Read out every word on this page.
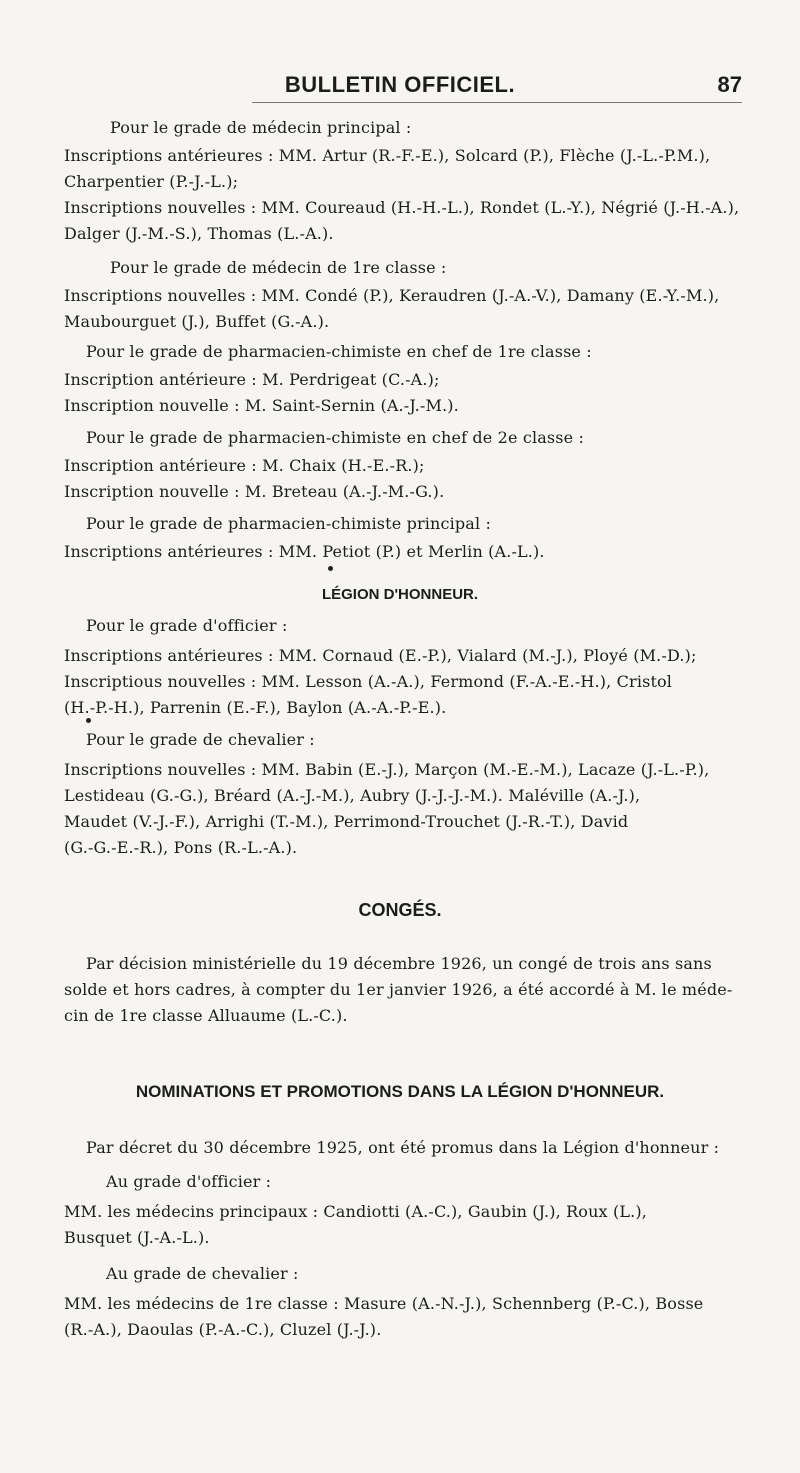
BULLETIN OFFICIEL.	87
Pour le grade de médecin principal :
Inscriptions antérieures : MM. Artur (R.-F.-E.), Solcard (P.), Flèche (J.-L.-P.M.),
Charpentier (P.-J.-L.);
Inscriptions nouvelles : MM. Coureaud (H.-H.-L.), Rondet (L.-Y.), Négrié (J.-H.-A.),
Dalger (J.-M.-S.), Thomas (L.-A.).
Pour le grade de médecin de 1re classe :
Inscriptions nouvelles : MM. Condé (P.), Keraudren (J.-A.-V.), Damany (E.-Y.-M.),
Maubourguet (J.), Buffet (G.-A.).
Pour le grade de pharmacien-chimiste en chef de 1re classe :
Inscription antérieure : M. Perdrigeat (C.-A.);
Inscription nouvelle : M. Saint-Sernin (A.-J.-M.).
Pour le grade de pharmacien-chimiste en chef de 2e classe :
Inscription antérieure : M. Chaix (H.-E.-R.);
Inscription nouvelle : M. Breteau (A.-J.-M.-G.).
Pour le grade de pharmacien-chimiste principal :
Inscriptions antérieures : MM. Petiot (P.) et Merlin (A.-L.).
LÉGION D'HONNEUR.
Pour le grade d'officier :
Inscriptions antérieures : MM. Cornaud (E.-P.), Vialard (M.-J.), Ployé (M.-D.);
Inscriptious nouvelles : MM. Lesson (A.-A.), Fermond (F.-A.-E.-H.), Cristol
(H.-P.-H.), Parrenin (E.-F.), Baylon (A.-A.-P.-E.).
Pour le grade de chevalier :
Inscriptions nouvelles : MM. Babin (E.-J.), Marçon (M.-E.-M.), Lacaze (J.-L.-P.),
Lestideau (G.-G.), Bréard (A.-J.-M.), Aubry (J.-J.-J.-M.). Maléville (A.-J.),
Maudet (V.-J.-F.), Arrighi (T.-M.), Perrimond-Trouchet (J.-R.-T.), David
(G.-G.-E.-R.), Pons (R.-L.-A.).
CONGÉS.
Par décision ministérielle du 19 décembre 1926, un congé de trois ans sans
solde et hors cadres, à compter du 1er janvier 1926, a été accordé à M. le méde-
cin de 1re classe Alluaume (L.-C.).
NOMINATIONS ET PROMOTIONS DANS LA LÉGION D'HONNEUR.
Par décret du 30 décembre 1925, ont été promus dans la Légion d'honneur :
Au grade d'officier :
MM. les médecins principaux : Candiotti (A.-C.), Gaubin (J.), Roux (L.),
Busquet (J.-A.-L.).
Au grade de chevalier :
MM. les médecins de 1re classe : Masure (A.-N.-J.), Schennberg (P.-C.), Bosse
(R.-A.), Daoulas (P.-A.-C.), Cluzel (J.-J.).
